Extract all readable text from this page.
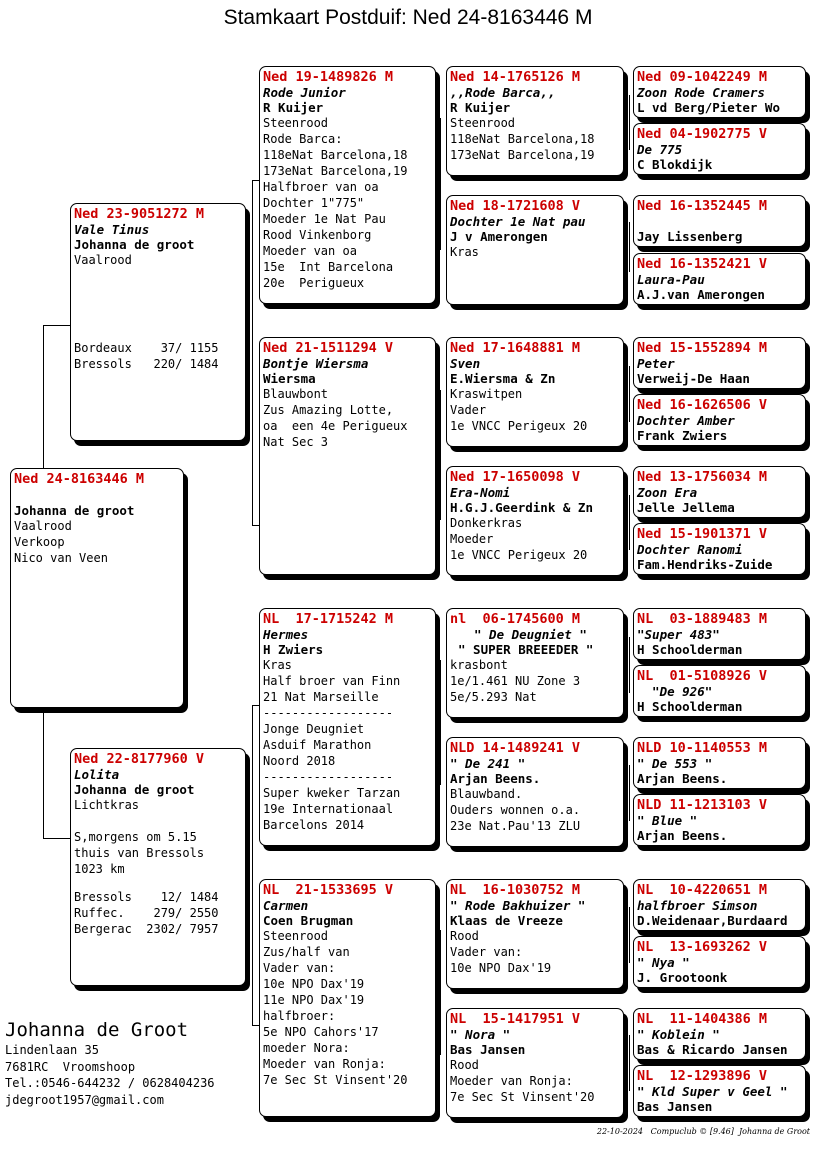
Stamkaart Postduif: Ned 24-8163446 M
Ned 24-8163446 M
Johanna de groot
Vaalrood
Verkoop
Nico van Veen
Ned 23-9051272 M
Vale Tinus
Johanna de groot
Vaalrood
Bordeaux    37/ 1155
Bressols   220/ 1484
Ned 22-8177960 V
Lolita
Johanna de groot
Lichtkras
S,morgens om 5.15
thuis van Bressols
1023 km
Bressols    12/ 1484
Ruffec.    279/ 2550
Bergerac  2302/ 7957
Ned 19-1489826 M
Rode Junior
R Kuijer
Steenrood
Rode Barca:
118eNat Barcelona,18
173eNat Barcelona,19
Halfbroer van oa
Dochter 1"775"
Moeder 1e Nat Pau
Rood Vinkenborg
Moeder van oa
15e  Int Barcelona
20e  Perigueux
Ned 21-1511294 V
Bontje Wiersma
Wiersma
Blauwbont
Zus Amazing Lotte,
oa  een 4e Perigueux
Nat Sec 3
NL  17-1715242 M
Hermes
H Zwiers
Kras
Half broer van Finn
21 Nat Marseille
------------------
Jonge Deugniet
Asduif Marathon
Noord 2018
------------------
Super kweker Tarzan
19e Internationaal
Barcelons 2014
NL  21-1533695 V
Carmen
Coen Brugman
Steenrood
Zus/half van
Vader van:
10e NPO Dax'19
11e NPO Dax'19
halfbroer:
5e NPO Cahors'17
moeder Nora:
Moeder van Ronja:
7e Sec St Vinsent'20
Ned 14-1765126 M
,,Rode Barca,,
R Kuijer
Steenrood
118eNat Barcelona,18
173eNat Barcelona,19
Ned 18-1721608 V
Dochter 1e Nat pau
J v Amerongen
Kras
Ned 17-1648881 M
Sven
E.Wiersma & Zn
Kraswitpen
Vader
1e VNCC Perigeux 20
Ned 17-1650098 V
Era-Nomi
H.G.J.Geerdink & Zn
Donkerkras
Moeder
1e VNCC Perigeux 20
nl  06-1745600 M
" De Deugniet "
" SUPER BREEEDER "
krasbont
1e/1.461 NU Zone 3
5e/5.293 Nat
NLD 14-1489241 V
" De 241 "
Arjan Beens.
Blauwband.
Ouders wonnen o.a.
23e Nat.Pau'13 ZLU
NL  16-1030752 M
" Rode Bakhuizer "
Klaas de Vreeze
Rood
Vader van:
10e NPO Dax'19
NL  15-1417951 V
" Nora "
Bas Jansen
Rood
Moeder van Ronja:
7e Sec St Vinsent'20
Ned 09-1042249 M
Zoon Rode Cramers
L vd Berg/Pieter Wo
Ned 04-1902775 V
De 775
C Blokdijk
Ned 16-1352445 M
Jay Lissenberg
Ned 16-1352421 V
Laura-Pau
A.J.van Amerongen
Ned 15-1552894 M
Peter
Verweij-De Haan
Ned 16-1626506 V
Dochter Amber
Frank Zwiers
Ned 13-1756034 M
Zoon Era
Jelle Jellema
Ned 15-1901371 V
Dochter Ranomi
Fam.Hendriks-Zuide
NL  03-1889483 M
"Super 483"
H Schoolderman
NL  01-5108926 V
"De 926"
H Schoolderman
NLD 10-1140553 M
" De 553 "
Arjan Beens.
NLD 11-1213103 V
" Blue "
Arjan Beens.
NL  10-4220651 M
halfbroer Simson
D.Weidenaar,Burdaard
NL  13-1693262 V
" Nya "
J. Grootoonk
NL  11-1404386 M
" Koblein "
Bas & Ricardo Jansen
NL  12-1293896 V
" Kld Super v Geel "
Bas Jansen
Johanna de Groot
Lindenlaan 35
7681RC  Vroomshoop
Tel.:0546-644232 / 0628404236
jdegroot1957@gmail.com
22-10-2024   Compuclub © [9.46]  Johanna de Groot
